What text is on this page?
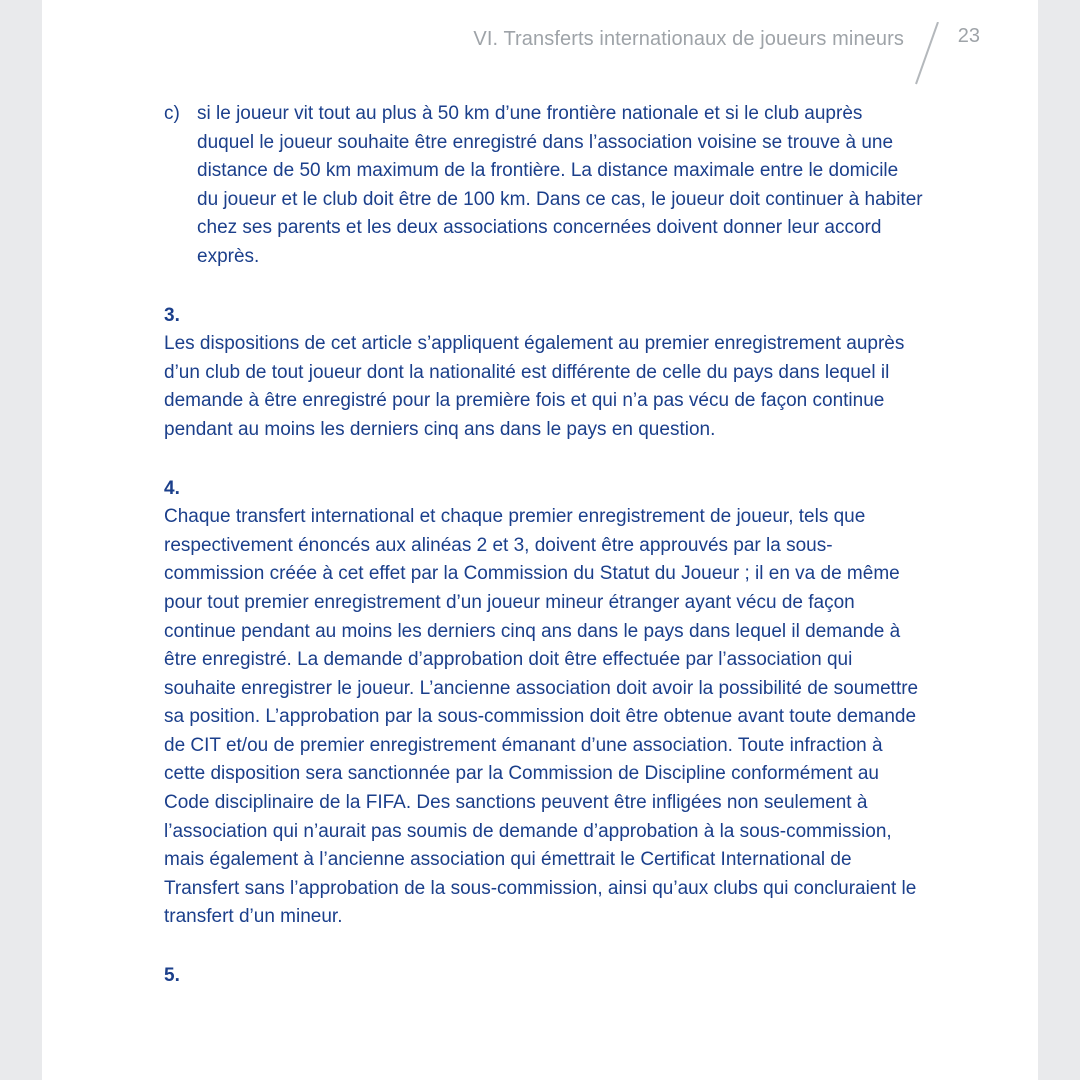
VI. Transferts internationaux de joueurs mineurs	23
c) si le joueur vit tout au plus à 50 km d’une frontière nationale et si le club auprès duquel le joueur souhaite être enregistré dans l’association voisine se trouve à une distance de 50 km maximum de la frontière. La distance maximale entre le domicile du joueur et le club doit être de 100 km. Dans ce cas, le joueur doit continuer à habiter chez ses parents et les deux associations concernées doivent donner leur accord exprès.

3.

Les dispositions de cet article s’appliquent également au premier enregistrement auprès d’un club de tout joueur dont la nationalité est différente de celle du pays dans lequel il demande à être enregistré pour la première fois et qui n’a pas vécu de façon continue pendant au moins les derniers cinq ans dans le pays en question.

4.

Chaque transfert international et chaque premier enregistrement de joueur, tels que respectivement énoncés aux alinéas 2 et 3, doivent être approuvés par la sous-commission créée à cet effet par la Commission du Statut du Joueur ; il en va de même pour tout premier enregistrement d’un joueur mineur étranger ayant vécu de façon continue pendant au moins les derniers cinq ans dans le pays dans lequel il demande à être enregistré. La demande d’approbation doit être effectuée par l’association qui souhaite enregistrer le joueur. L’ancienne association doit avoir la possibilité de soumettre sa position. L’approbation par la sous-commission doit être obtenue avant toute demande de CIT et/ou de premier enregistrement émanant d’une association. Toute infraction à cette disposition sera sanctionnée par la Commission de Discipline conformément au Code disciplinaire de la FIFA. Des sanctions peuvent être infligées non seulement à l’association qui n’aurait pas soumis de demande d’approbation à la sous-commission, mais également à l’ancienne association qui émettrait le Certificat International de Transfert sans l’approbation de la sous-commission, ainsi qu’aux clubs qui concluraient le transfert d’un mineur.

5.
